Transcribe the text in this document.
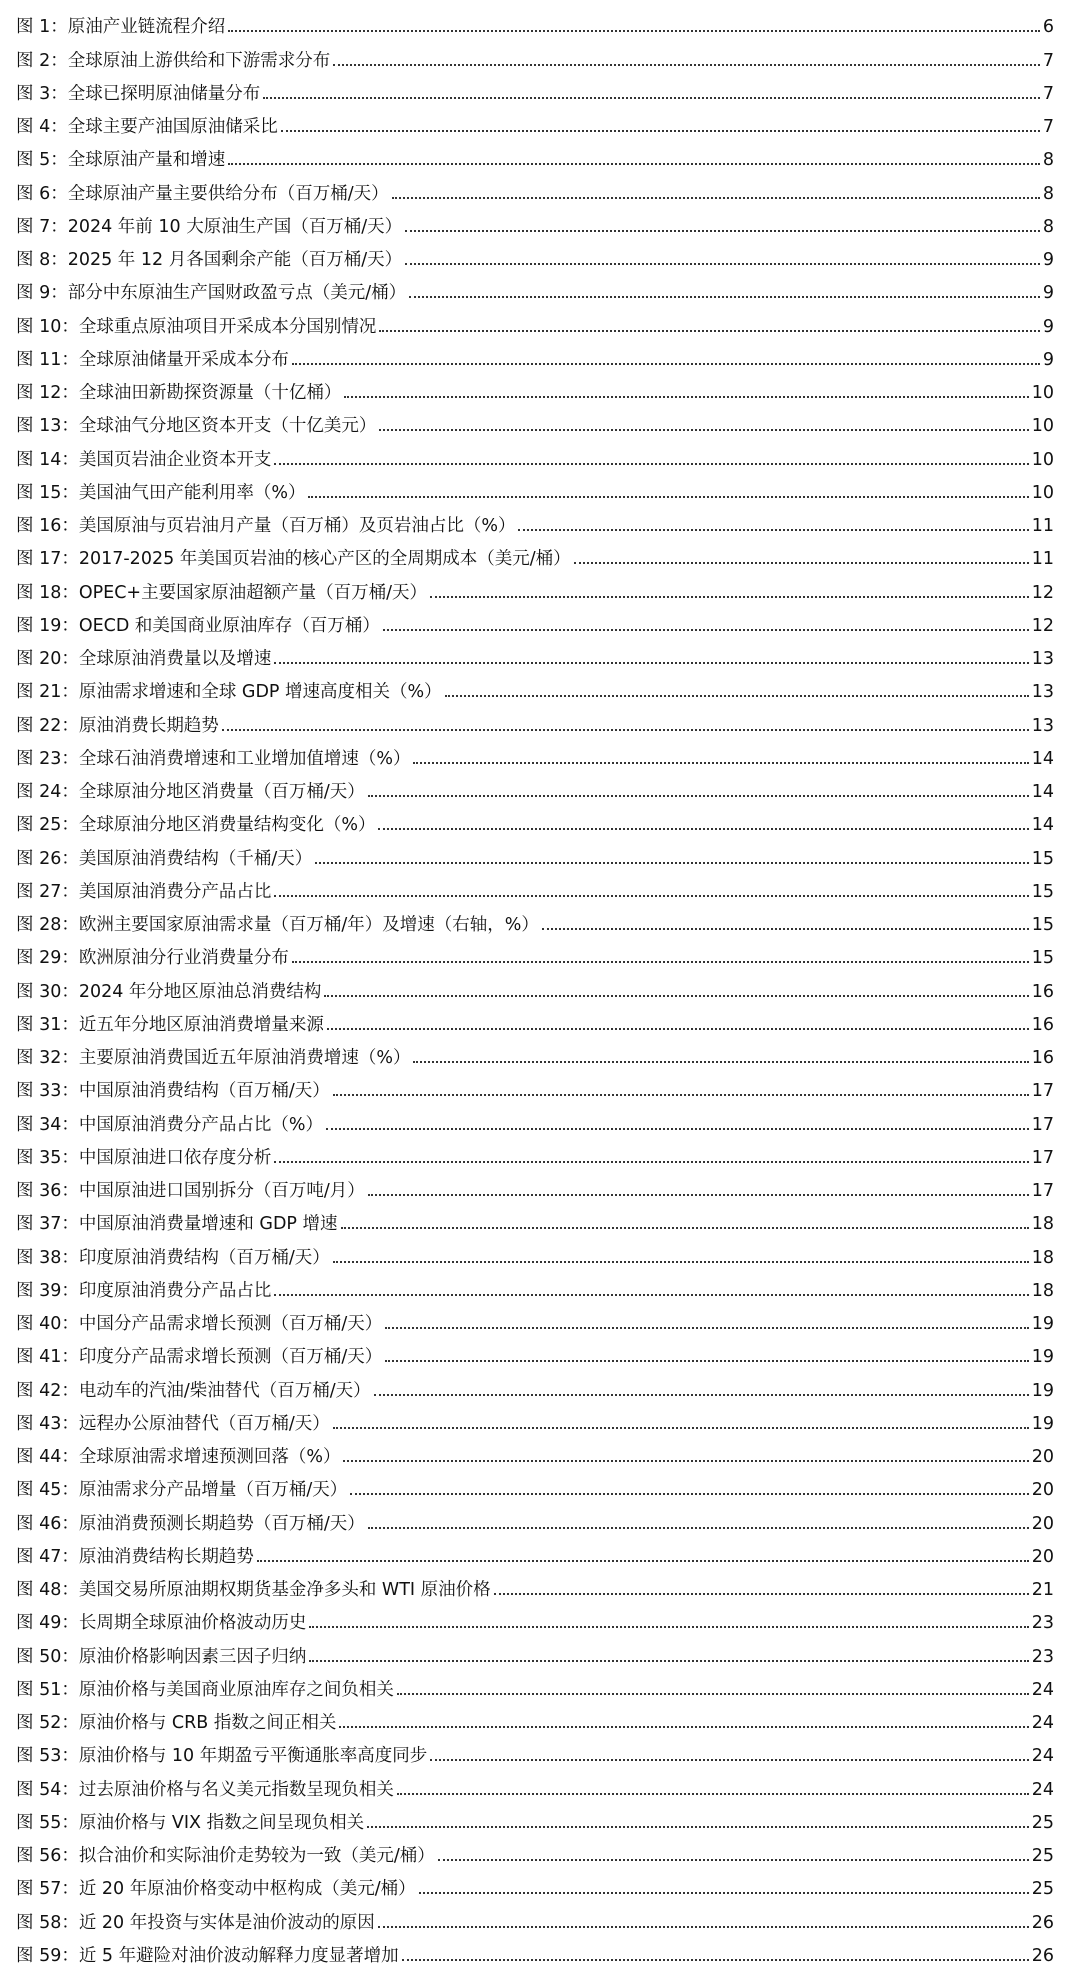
图 1：原油产业链流程介绍	6
图 2：全球原油上游供给和下游需求分布	7
图 3：全球已探明原油储量分布	7
图 4：全球主要产油国原油储采比	7
图 5：全球原油产量和增速	8
图 6：全球原油产量主要供给分布（百万桶/天）	8
图 7：2024 年前 10 大原油生产国（百万桶/天）	8
图 8：2025 年 12 月各国剩余产能（百万桶/天）	9
图 9：部分中东原油生产国财政盈亏点（美元/桶）	9
图 10：全球重点原油项目开采成本分国别情况	9
图 11：全球原油储量开采成本分布	9
图 12：全球油田新勘探资源量（十亿桶）	10
图 13：全球油气分地区资本开支（十亿美元）	10
图 14：美国页岩油企业资本开支	10
图 15：美国油气田产能利用率（%）	10
图 16：美国原油与页岩油月产量（百万桶）及页岩油占比（%）	11
图 17：2017-2025 年美国页岩油的核心产区的全周期成本（美元/桶）	11
图 18：OPEC+主要国家原油超额产量（百万桶/天）	12
图 19：OECD 和美国商业原油库存（百万桶）	12
图 20：全球原油消费量以及增速	13
图 21：原油需求增速和全球 GDP 增速高度相关（%）	13
图 22：原油消费长期趋势	13
图 23：全球石油消费增速和工业增加值增速（%）	14
图 24：全球原油分地区消费量（百万桶/天）	14
图 25：全球原油分地区消费量结构变化（%）	14
图 26：美国原油消费结构（千桶/天）	15
图 27：美国原油消费分产品占比	15
图 28：欧洲主要国家原油需求量（百万桶/年）及增速（右轴，%）	15
图 29：欧洲原油分行业消费量分布	15
图 30：2024 年分地区原油总消费结构	16
图 31：近五年分地区原油消费增量来源	16
图 32：主要原油消费国近五年原油消费增速（%）	16
图 33：中国原油消费结构（百万桶/天）	17
图 34：中国原油消费分产品占比（%）	17
图 35：中国原油进口依存度分析	17
图 36：中国原油进口国别拆分（百万吨/月）	17
图 37：中国原油消费量增速和 GDP 增速	18
图 38：印度原油消费结构（百万桶/天）	18
图 39：印度原油消费分产品占比	18
图 40：中国分产品需求增长预测（百万桶/天）	19
图 41：印度分产品需求增长预测（百万桶/天）	19
图 42：电动车的汽油/柴油替代（百万桶/天）	19
图 43：远程办公原油替代（百万桶/天）	19
图 44：全球原油需求增速预测回落（%）	20
图 45：原油需求分产品增量（百万桶/天）	20
图 46：原油消费预测长期趋势（百万桶/天）	20
图 47：原油消费结构长期趋势	20
图 48：美国交易所原油期权期货基金净多头和 WTI 原油价格	21
图 49：长周期全球原油价格波动历史	23
图 50：原油价格影响因素三因子归纳	23
图 51：原油价格与美国商业原油库存之间负相关	24
图 52：原油价格与 CRB 指数之间正相关	24
图 53：原油价格与 10 年期盈亏平衡通胀率高度同步	24
图 54：过去原油价格与名义美元指数呈现负相关	24
图 55：原油价格与 VIX 指数之间呈现负相关	25
图 56：拟合油价和实际油价走势较为一致（美元/桶）	25
图 57：近 20 年原油价格变动中枢构成（美元/桶）	25
图 58：近 20 年投资与实体是油价波动的原因	26
图 59：近 5 年避险对油价波动解释力度显著增加	26
